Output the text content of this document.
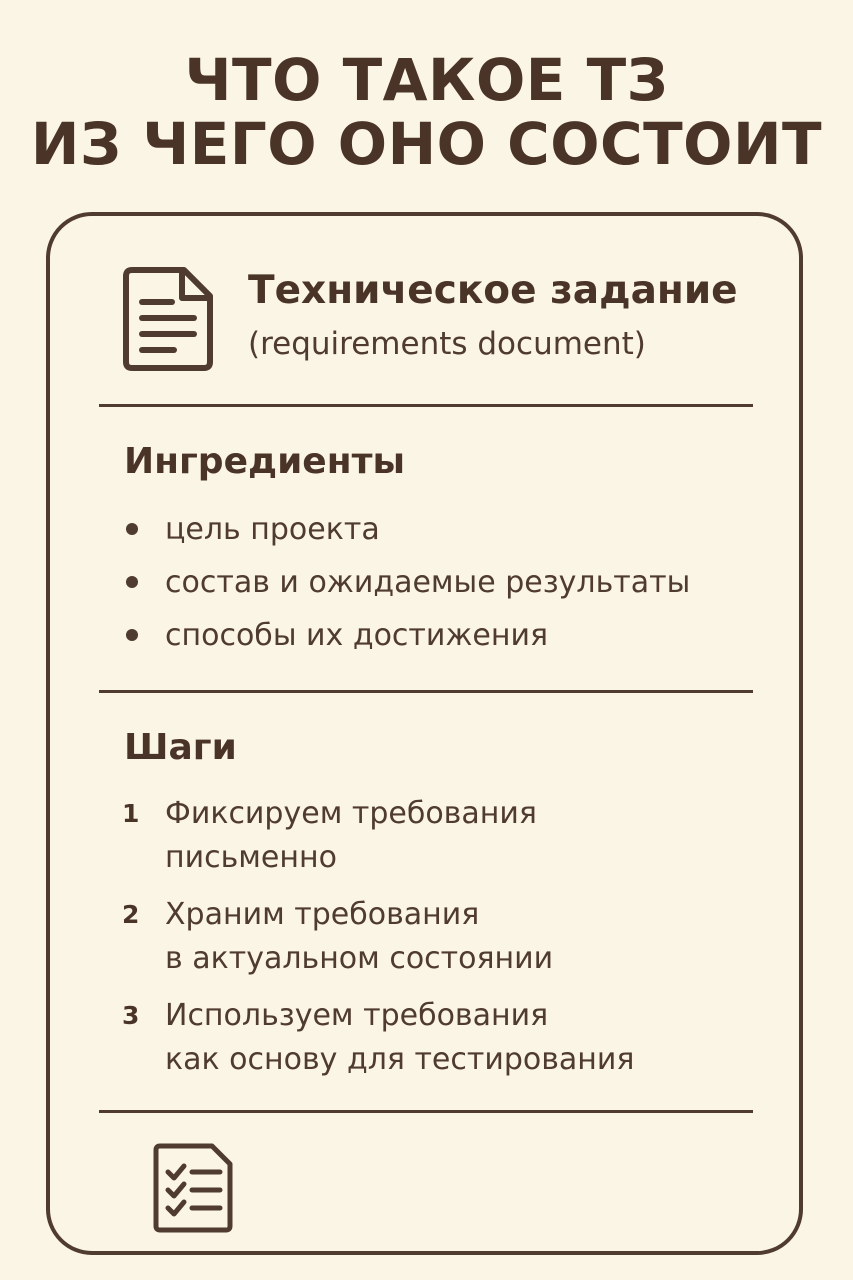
ЧТО ТАКОЕ ТЗ
ИЗ ЧЕГО ОНО СОСТОИТ
Техническое задание
(requirements document)
Ингредиенты
цель проекта
состав и ожидаемые результаты
способы их достижения
Шаги
1 Фиксируем требования
письменно
2 Храним требования
в актуальном состоянии
3 Используем требования
как основу для тестирования
